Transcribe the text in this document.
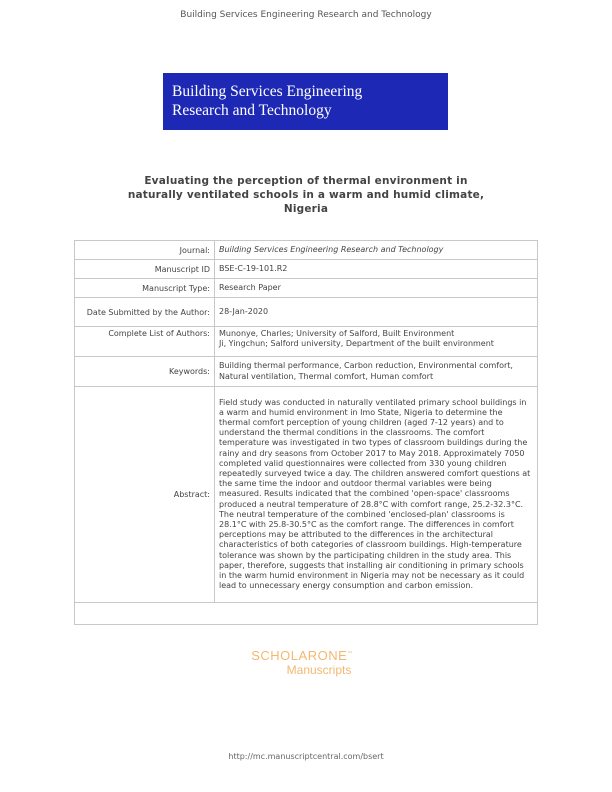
Building Services Engineering Research and Technology
Building Services Engineering
Research and Technology
Evaluating the perception of thermal environment in
naturally ventilated schools in a warm and humid climate,
Nigeria
Journal:	Building Services Engineering Research and Technology
Manuscript ID	BSE-C-19-101.R2
Manuscript Type:	Research Paper
Date Submitted by the Author:	28-Jan-2020
Complete List of Authors:	Munonye, Charles; University of Salford, Built Environment
Ji, Yingchun; Salford university, Department of the built environment

Keywords:	Building thermal performance, Carbon reduction, Environmental comfort,
Natural ventilation, Thermal comfort, Human comfort

Abstract:	Field study was conducted in naturally ventilated primary school buildings in a warm and humid environment in Imo State, Nigeria to determine the thermal comfort perception of young children (aged 7-12 years) and to understand the thermal conditions in the classrooms. The comfort temperature was investigated in two types of classroom buildings during the rainy and dry seasons from October 2017 to May 2018. Approximately 7050 completed valid questionnaires were collected from 330 young children repeatedly surveyed twice a day. The children answered comfort questions at the same time the indoor and outdoor thermal variables were being measured. Results indicated that the combined 'open-space' classrooms produced a neutral temperature of 28.8°C with comfort range, 25.2-32.3°C. The neutral temperature of the combined 'enclosed-plan' classrooms is 28.1°C with 25.8-30.5°C as the comfort range. The differences in comfort perceptions may be attributed to the differences in the architectural characteristics of both categories of classroom buildings. High-temperature tolerance was shown by the participating children in the study area. This paper, therefore, suggests that installing air conditioning in primary schools in the warm humid environment in Nigeria may not be necessary as it could lead to unnecessary energy consumption and carbon emission.

SCHOLARONE™
Manuscripts
http://mc.manuscriptcentral.com/bsert
